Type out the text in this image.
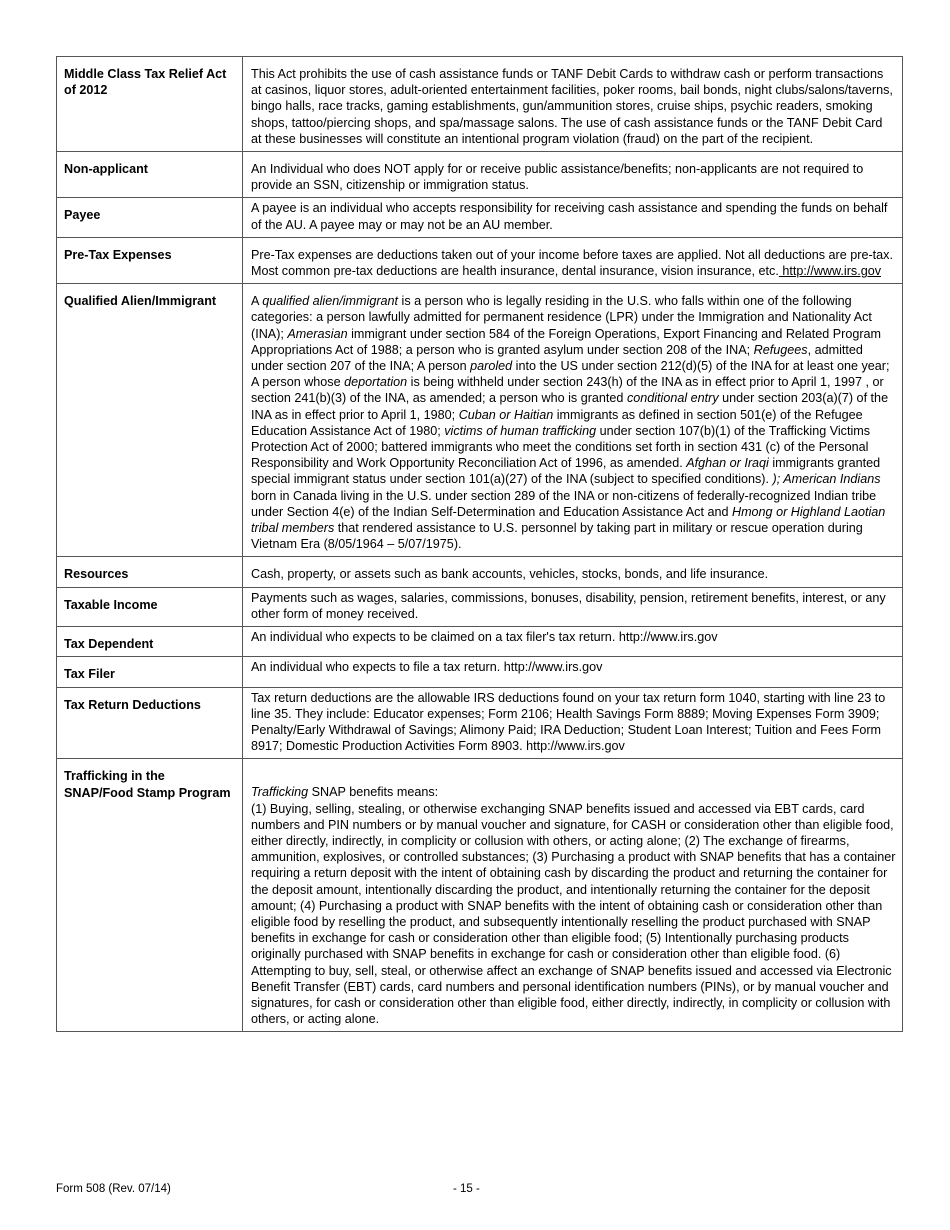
Middle Class Tax Relief Act of 2012	This Act prohibits the use of cash assistance funds or TANF Debit Cards to withdraw cash or perform transactions at casinos, liquor stores, adult-oriented entertainment facilities, poker rooms, bail bonds, night clubs/salons/taverns, bingo halls, race tracks, gaming establishments, gun/ammunition stores, cruise ships, psychic readers, smoking shops, tattoo/piercing shops, and spa/massage salons. The use of cash assistance funds or the TANF Debit Card at these businesses will constitute an intentional program violation (fraud) on the part of the recipient.
Non-applicant	An Individual who does NOT apply for or receive public assistance/benefits; non-applicants are not required to provide an SSN, citizenship or immigration status.
Payee	A payee is an individual who accepts responsibility for receiving cash assistance and spending the funds on behalf of the AU. A payee may or may not be an AU member.
Pre-Tax Expenses	Pre-Tax expenses are deductions taken out of your income before taxes are applied. Not all deductions are pre-tax. Most common pre-tax deductions are health insurance, dental insurance, vision insurance, etc. http://www.irs.gov
Qualified Alien/Immigrant	A qualified alien/immigrant is a person who is legally residing in the U.S. who falls within one of the following categories: a person lawfully admitted for permanent residence (LPR) under the Immigration and Nationality Act (INA); Amerasian immigrant under section 584 of the Foreign Operations, Export Financing and Related Program Appropriations Act of 1988; a person who is granted asylum under section 208 of the INA; Refugees, admitted under section 207 of the INA; A person paroled into the US under section 212(d)(5) of the INA for at least one year; A person whose deportation is being withheld under section 243(h) of the INA as in effect prior to April 1, 1997 , or section 241(b)(3) of the INA, as amended; a person who is granted conditional entry under section 203(a)(7) of the INA as in effect prior to April 1, 1980; Cuban or Haitian immigrants as defined in section 501(e) of the Refugee Education Assistance Act of 1980; victims of human trafficking under section 107(b)(1) of the Trafficking Victims Protection Act of 2000; battered immigrants who meet the conditions set forth in section 431 (c) of the Personal Responsibility and Work Opportunity Reconciliation Act of 1996, as amended. Afghan or Iraqi immigrants granted special immigrant status under section 101(a)(27) of the INA (subject to specified conditions). ); American Indians born in Canada living in the U.S. under section 289 of the INA or non-citizens of federally-recognized Indian tribe under Section 4(e) of the Indian Self-Determination and Education Assistance Act and Hmong or Highland Laotian tribal members that rendered assistance to U.S. personnel by taking part in military or rescue operation during Vietnam Era (8/05/1964 – 5/07/1975).
Resources	Cash, property, or assets such as bank accounts, vehicles, stocks, bonds, and life insurance.
Taxable Income	Payments such as wages, salaries, commissions, bonuses, disability, pension, retirement benefits, interest, or any other form of money received.
Tax Dependent	An individual who expects to be claimed on a tax filer's tax return. http://www.irs.gov
Tax Filer	An individual who expects to file a tax return. http://www.irs.gov
Tax Return Deductions	Tax return deductions are the allowable IRS deductions found on your tax return form 1040, starting with line 23 to line 35. They include: Educator expenses; Form 2106; Health Savings Form 8889; Moving Expenses Form 3909; Penalty/Early Withdrawal of Savings; Alimony Paid; IRA Deduction; Student Loan Interest; Tuition and Fees Form 8917; Domestic Production Activities Form 8903. http://www.irs.gov
Trafficking in the SNAP/Food Stamp Program	Trafficking SNAP benefits means:
(1) Buying, selling, stealing, or otherwise exchanging SNAP benefits issued and accessed via EBT cards, card numbers and PIN numbers or by manual voucher and signature, for CASH or consideration other than eligible food, either directly, indirectly, in complicity or collusion with others, or acting alone; (2) The exchange of firearms, ammunition, explosives, or controlled substances; (3) Purchasing a product with SNAP benefits that has a container requiring a return deposit with the intent of obtaining cash by discarding the product and returning the container for the deposit amount, intentionally discarding the product, and intentionally returning the container for the deposit amount; (4) Purchasing a product with SNAP benefits with the intent of obtaining cash or consideration other than eligible food by reselling the product, and subsequently intentionally reselling the product purchased with SNAP benefits in exchange for cash or consideration other than eligible food; (5) Intentionally purchasing products originally purchased with SNAP benefits in exchange for cash or consideration other than eligible food. (6) Attempting to buy, sell, steal, or otherwise affect an exchange of SNAP benefits issued and accessed via Electronic Benefit Transfer (EBT) cards, card numbers and personal identification numbers (PINs), or by manual voucher and signatures, for cash or consideration other than eligible food, either directly, indirectly, in complicity or collusion with others, or acting alone.
Form 508 (Rev. 07/14)	- 15 -
